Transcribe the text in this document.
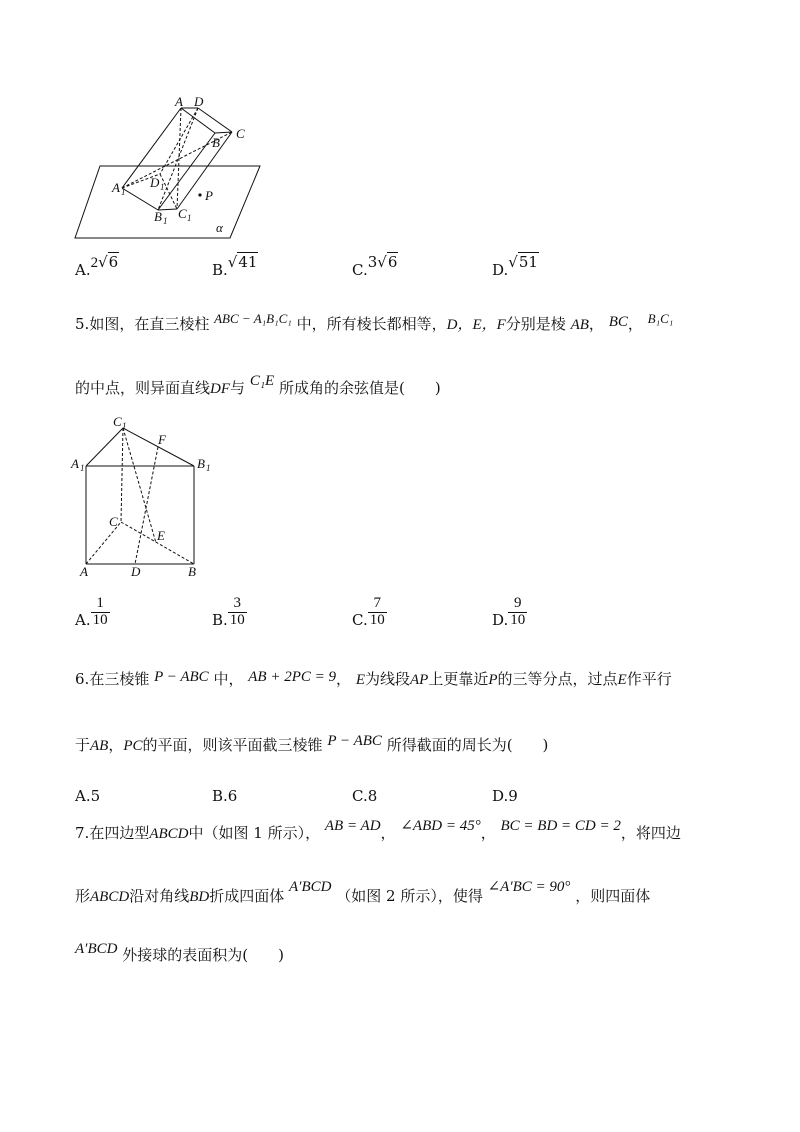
A D
C
B
A 1
D 1
P
B 1 C 1
α
A.2√ 6	B.√ 41	C.3√ 6	D.√ 51
5.如图，在直三棱柱 ABC − A₁B₁C₁ 中，所有棱长都相等，D，E，F分别是棱 AB， BC， B₁C₁
的中点，则异面直线DF与 C₁E 所成角的余弦值是(　　)
C 1
F
A 1	B 1
C
E
A	D	B
A. $\frac{1}{10}$	B. $\frac{3}{10}$	C. $\frac{7}{10}$	D. $\frac{9}{10}$
6.在三棱锥 P − ABC 中， AB + 2PC = 9， E为线段AP上更靠近P的三等分点，过点E作平行
于AB，PC的平面，则该平面截三棱锥 P − ABC 所得截面的周长为(　　)
A.5	B.6	C.8	D.9
7.在四边型ABCD中（如图 1 所示）， AB = AD， ∠ABD = 45°， BC = BD = CD = 2，将四边
形ABCD沿对角线BD折成四面体 A′BCD （如图 2 所示），使得 ∠A′BC = 90° ，则四面体
A′BCD 外接球的表面积为(　　)
